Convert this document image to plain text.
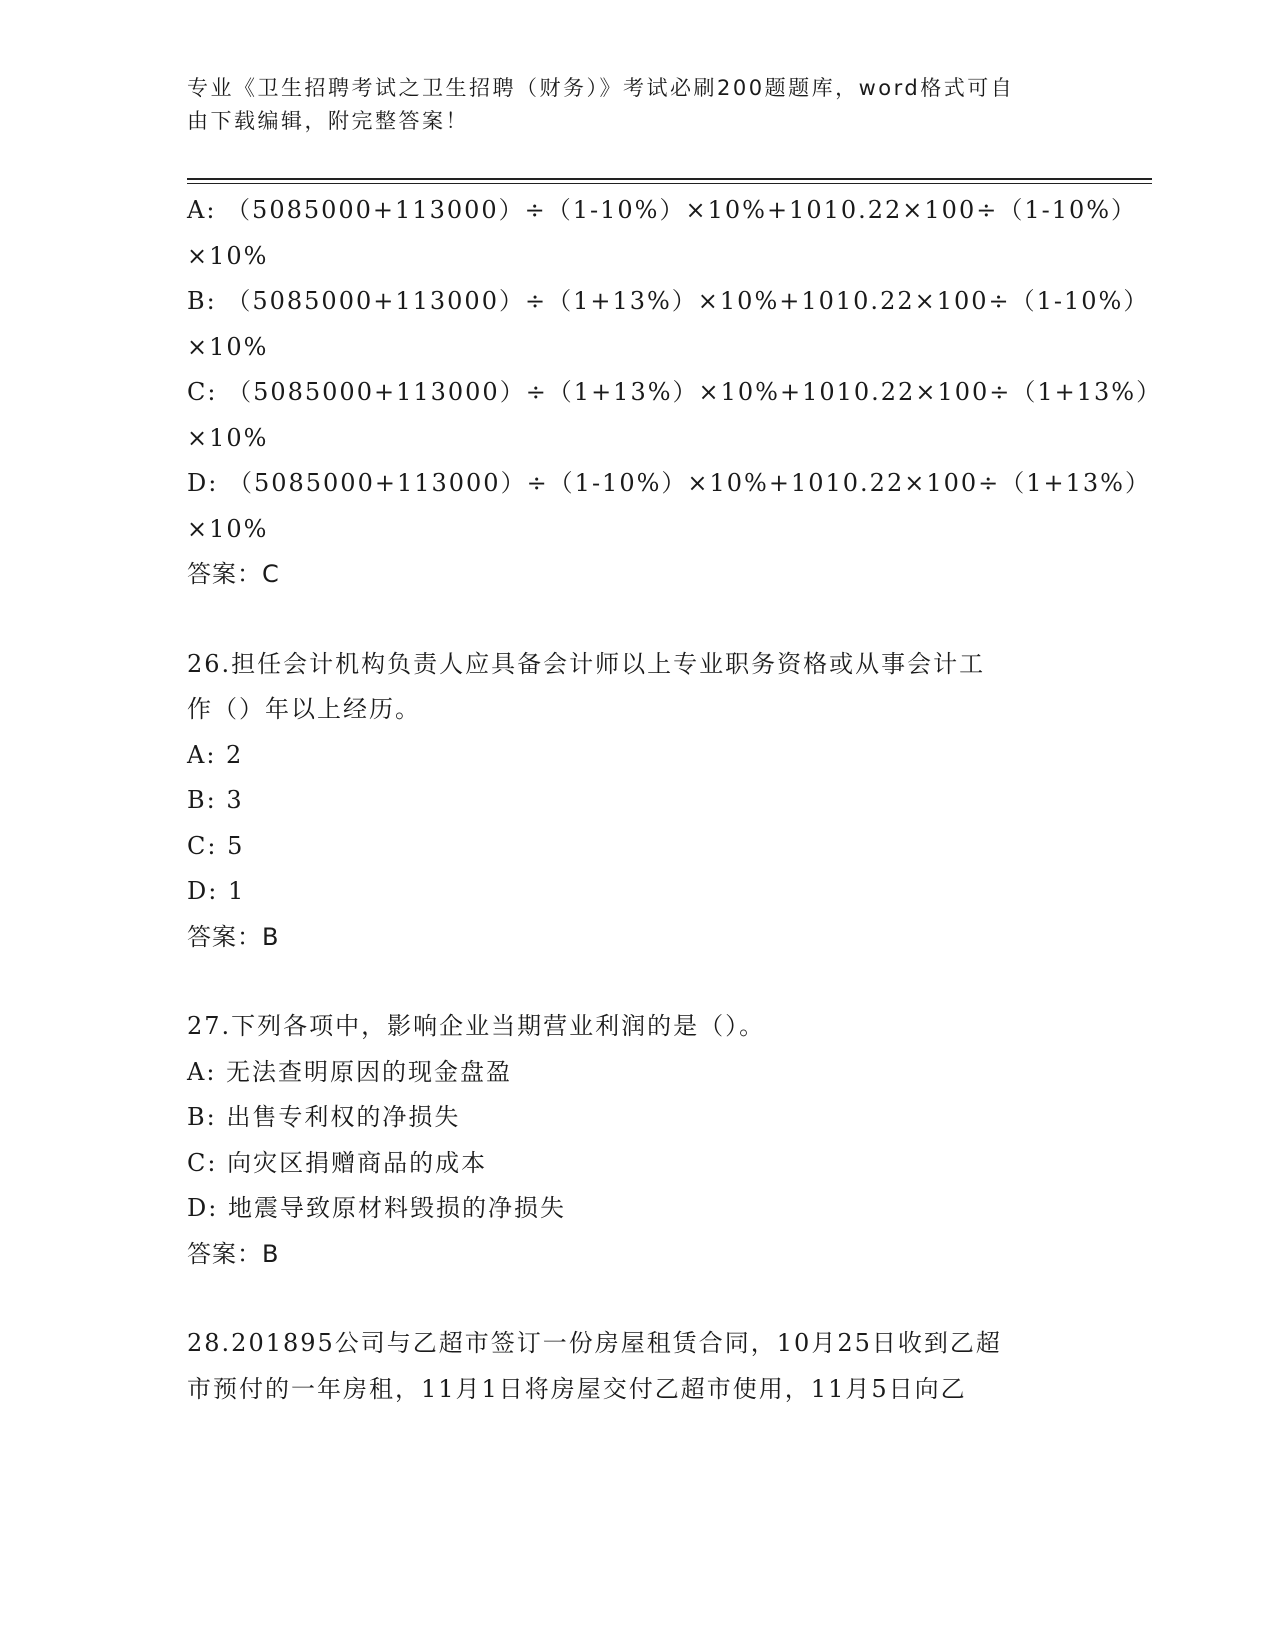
专业《卫生招聘考试之卫生招聘（财务）》考试必刷200题题库，word格式可自
由下载编辑，附完整答案！
A: （5085000+113000）÷（1-10%）×10%+1010.22×100÷（1-10%）
×10%
B: （5085000+113000）÷（1+13%）×10%+1010.22×100÷（1-10%）
×10%
C: （5085000+113000）÷（1+13%）×10%+1010.22×100÷（1+13%）
×10%
D: （5085000+113000）÷（1-10%）×10%+1010.22×100÷（1+13%）
×10%
答案：C
26.担任会计机构负责人应具备会计师以上专业职务资格或从事会计工
作（）年以上经历。
A: 2
B: 3
C: 5
D: 1
答案：B
27.下列各项中，影响企业当期营业利润的是（）。
A: 无法查明原因的现金盘盈
B: 出售专利权的净损失
C: 向灾区捐赠商品的成本
D: 地震导致原材料毁损的净损失
答案：B
28.201895公司与乙超市签订一份房屋租赁合同，10月25日收到乙超
市预付的一年房租，11月1日将房屋交付乙超市使用，11月5日向乙
